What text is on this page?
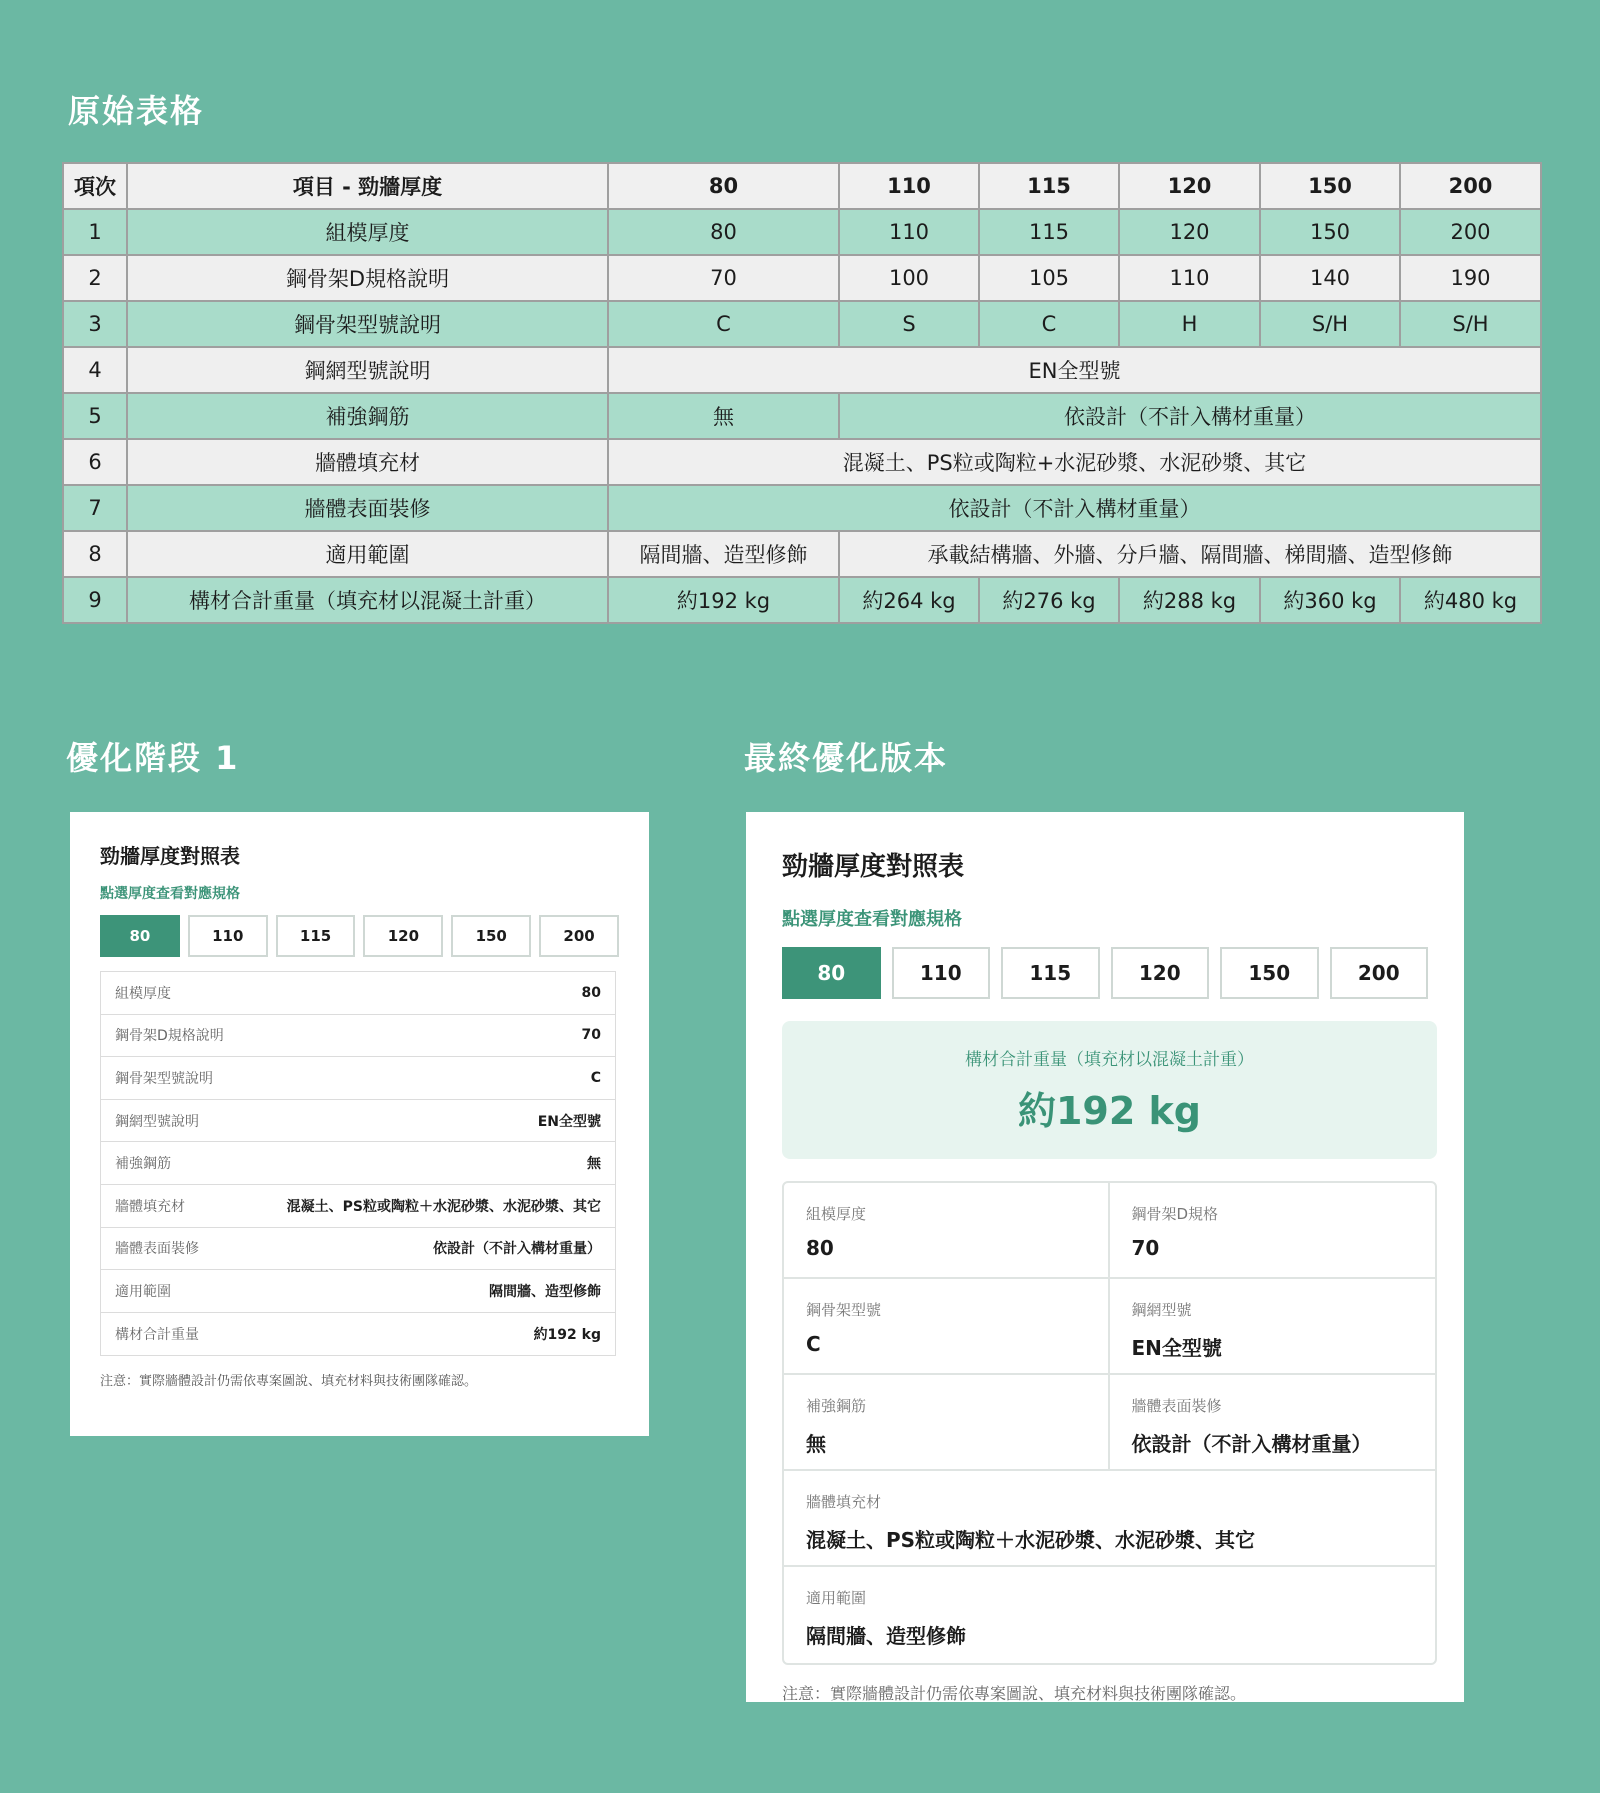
原始表格
項次	項目 - 勁牆厚度	80	110	115	120	150	200
1	組模厚度	80	110	115	120	150	200
2	鋼骨架D規格說明	70	100	105	110	140	190
3	鋼骨架型號說明	C	S	C	H	S/H	S/H
4	鋼網型號說明	EN全型號					
5	補強鋼筋	無	依設計（不計入構材重量）				
6	牆體填充材	混凝土、PS粒或陶粒+水泥砂漿、水泥砂漿、其它					
7	牆體表面裝修	依設計（不計入構材重量）					
8	適用範圍	隔間牆、造型修飾	承載結構牆、外牆、分戶牆、隔間牆、梯間牆、造型修飾				
9	構材合計重量（填充材以混凝土計重）	約192 kg	約264 kg	約276 kg	約288 kg	約360 kg	約480 kg
優化階段 1	最終優化版本
勁牆厚度對照表
點選厚度查看對應規格
80	110	115	120	150	200
組模厚度	80
鋼骨架D規格說明	70
鋼骨架型號說明	C
鋼網型號說明	EN全型號
補強鋼筋	無
牆體填充材	混凝土、PS粒或陶粒＋水泥砂漿、水泥砂漿、其它
牆體表面裝修	依設計（不計入構材重量）
適用範圍	隔間牆、造型修飾
構材合計重量	約192 kg
注意：實際牆體設計仍需依專案圖說、填充材料與技術團隊確認。
勁牆厚度對照表
點選厚度查看對應規格
80	110	115	120	150	200
構材合計重量（填充材以混凝土計重）
約192 kg
組模厚度
80
鋼骨架D規格
70
鋼骨架型號
C
鋼網型號
EN全型號
補強鋼筋
無
牆體表面裝修
依設計（不計入構材重量）
牆體填充材
混凝土、PS粒或陶粒＋水泥砂漿、水泥砂漿、其它
適用範圍
隔間牆、造型修飾
注意：實際牆體設計仍需依專案圖說、填充材料與技術團隊確認。
